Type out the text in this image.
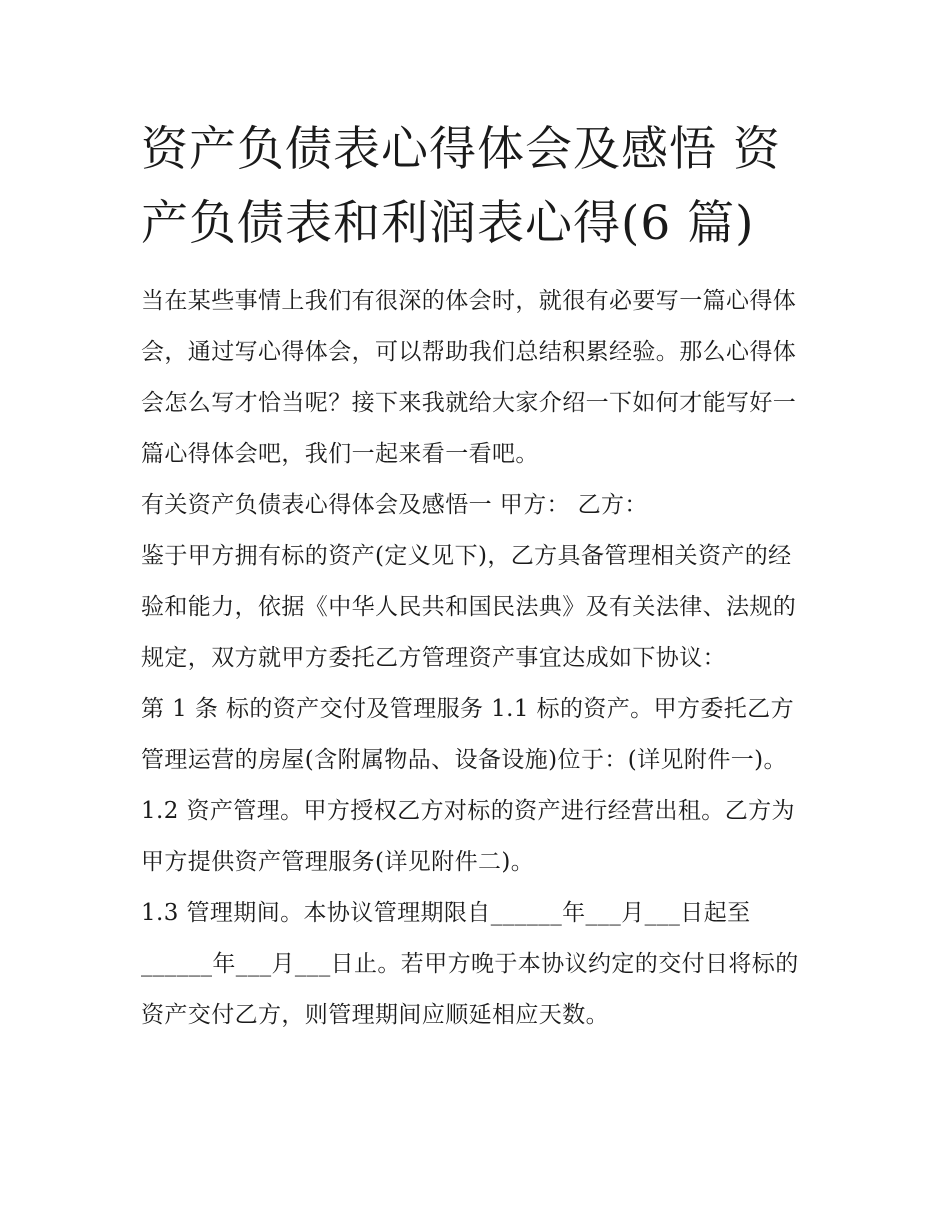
资产负债表心得体会及感悟 资产负债表和利润表心得(6 篇)

当在某些事情上我们有很深的体会时，就很有必要写一篇心得体会，通过写心得体会，可以帮助我们总结积累经验。那么心得体会怎么写才恰当呢？接下来我就给大家介绍一下如何才能写好一篇心得体会吧，我们一起来看一看吧。

有关资产负债表心得体会及感悟一 甲方： 乙方：

鉴于甲方拥有标的资产(定义见下)，乙方具备管理相关资产的经验和能力，依据《中华人民共和国民法典》及有关法律、法规的规定，双方就甲方委托乙方管理资产事宜达成如下协议：

第 1 条 标的资产交付及管理服务 1.1 标的资产。甲方委托乙方管理运营的房屋(含附属物品、设备设施)位于：(详见附件一)。

1.2 资产管理。甲方授权乙方对标的资产进行经营出租。乙方为甲方提供资产管理服务(详见附件二)。

1.3 管理期间。本协议管理期限自______年___月___日起至______年___月___日止。若甲方晚于本协议约定的交付日将标的资产交付乙方，则管理期间应顺延相应天数。
